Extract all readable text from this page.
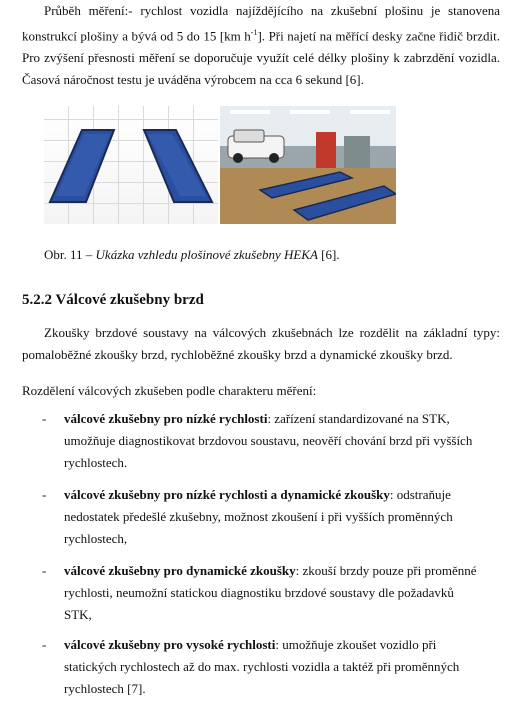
Průběh měření:- rychlost vozidla najíždějícího na zkušební plošinu je stanovena konstrukcí plošiny a bývá od 5 do 15 [km $h^{-1}$]. Při najetí na měřící desky začne řidič brzdit. Pro zvýšení přesnosti měření se doporučuje využít celé délky plošiny k zabrzdění vozidla. Časová náročnost testu je uváděna výrobcem na cca 6 sekund [6].
Obr. 11 – Ukázka vzhledu plošinové zkušebny HEKA [6].
5.2.2 Válcové zkušebny brzd
Zkoušky brzdové soustavy na válcových zkušebnách lze rozdělit na základní typy: pomaloběžné zkoušky brzd, rychloběžné zkoušky brzd a dynamické zkoušky brzd.
Rozdělení válcových zkušeben podle charakteru měření:
- válcové zkušebny pro nízké rychlosti: zařízení standardizované na STK, umožňuje diagnostikovat brzdovou soustavu, neověří chování brzd při vyšších rychlostech.
- válcové zkušebny pro nízké rychlosti a dynamické zkoušky: odstraňuje nedostatek předešlé zkušebny, možnost zkoušení i při vyšších proměnných rychlostech,
- válcové zkušebny pro dynamické zkoušky: zkouší brzdy pouze při proměnné rychlosti, neumožní statickou diagnostiku brzdové soustavy dle požadavků STK,
- válcové zkušebny pro vysoké rychlosti: umožňuje zkoušet vozidlo při statických rychlostech až do max. rychlosti vozidla a taktéž při proměnných rychlostech [7].
